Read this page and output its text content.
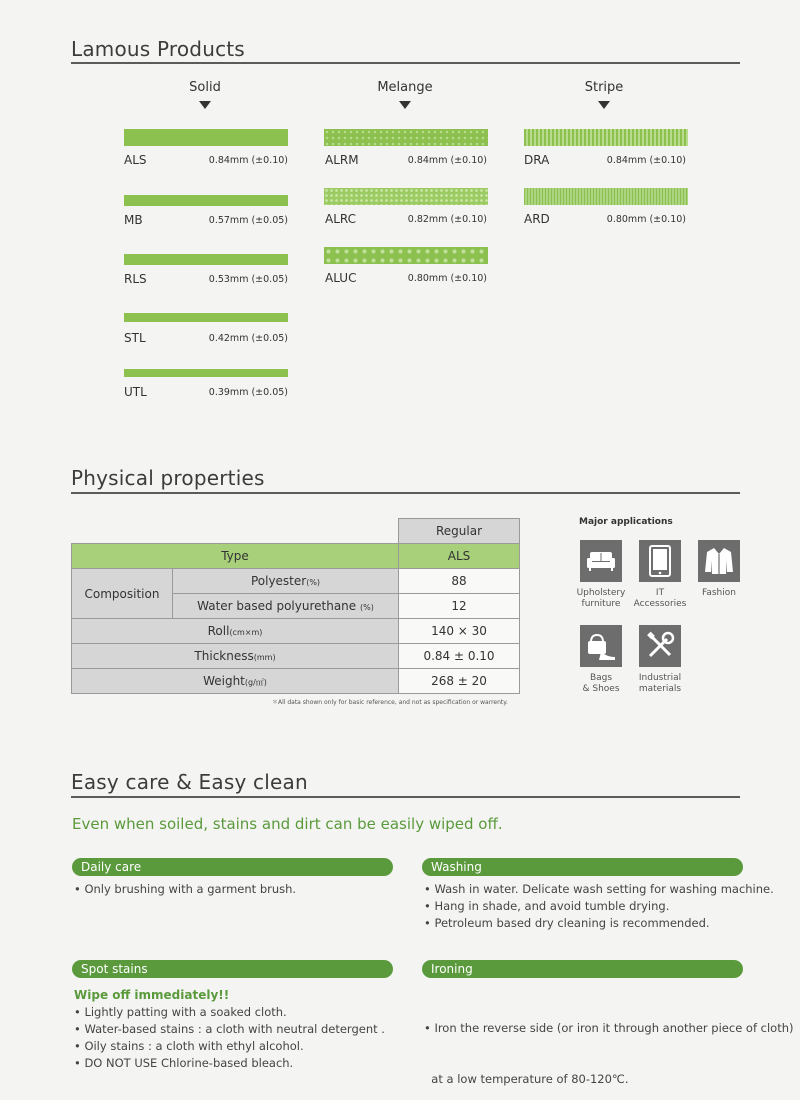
Lamous Products
Solid	Melange	Stripe
ALS	0.84mm (±0.10)
MB	0.57mm (±0.05)
RLS	0.53mm (±0.05)
STL	0.42mm (±0.05)
UTL	0.39mm (±0.05)
ALRM	0.84mm (±0.10)
ALRC	0.82mm (±0.10)
ALUC	0.80mm (±0.10)
DRA	0.84mm (±0.10)
ARD	0.80mm (±0.10)
Physical properties
		Regular
Type		ALS
Composition	Polyester(%)	88
	Water based polyurethane (%)	12
Roll(cm×m)		140 × 30
Thickness(mm)		0.84 ± 0.10
Weight(g/㎡)		268 ± 20
＊All data shown only for basic reference, and not as specification or warrenty.
Major applications
Upholstery
furniture
IT
Accessories
Fashion
Bags
& Shoes
Industrial
materials
Easy care & Easy clean
Even when soiled, stains and dirt can be easily wiped off.
Daily care
• Only brushing with a garment brush.
Washing
• Wash in water. Delicate wash setting for washing machine.
• Hang in shade, and avoid tumble drying.
• Petroleum based dry cleaning is recommended.
Spot stains
Wipe off immediately!!
• Lightly patting with a soaked cloth.
• Water-based stains : a cloth with neutral detergent .
• Oily stains : a cloth with ethyl alcohol.
• DO NOT USE Chlorine-based bleach.
Ironing

• Iron the reverse side (or iron it through another piece of cloth)

at a low temperature of 80-120℃.
